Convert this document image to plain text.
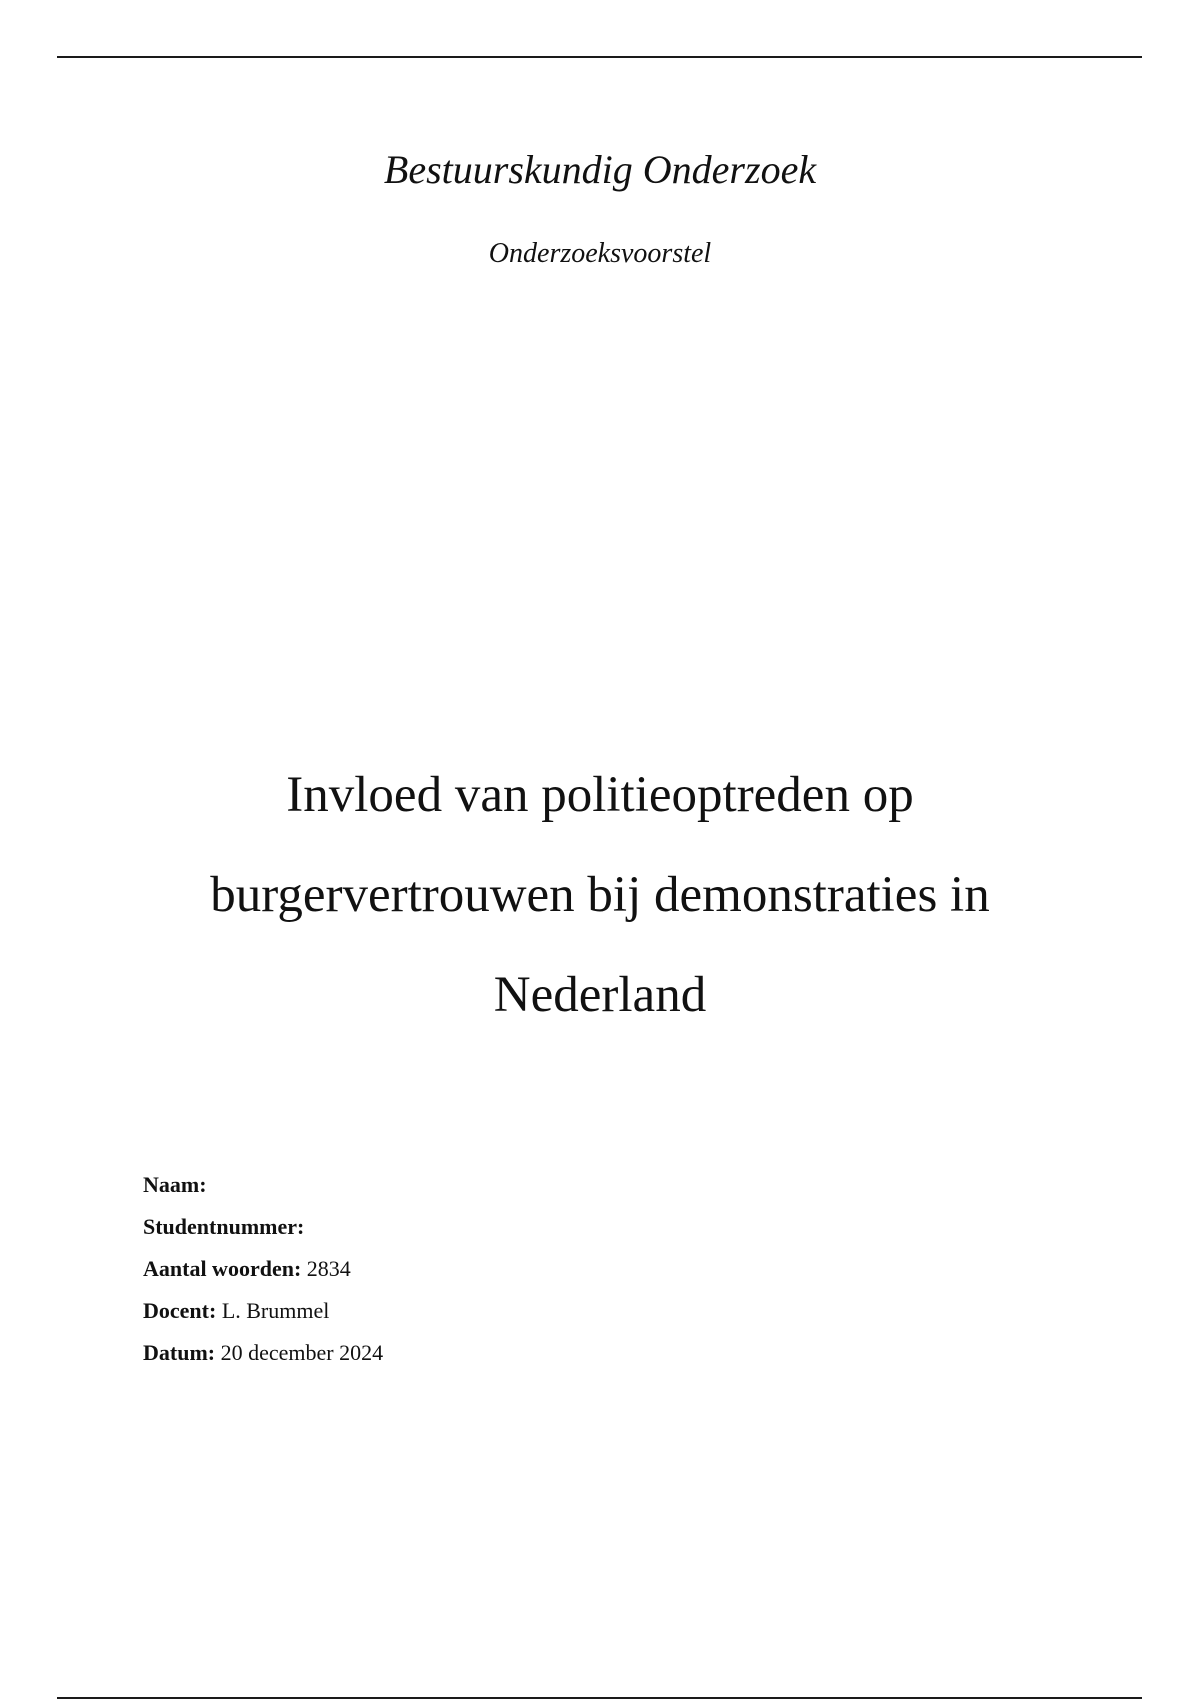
Bestuurskundig Onderzoek
Onderzoeksvoorstel
Invloed van politieoptreden op burgervertrouwen bij demonstraties in Nederland
Naam:
Studentnummer:
Aantal woorden: 2834
Docent: L. Brummel
Datum: 20 december 2024
